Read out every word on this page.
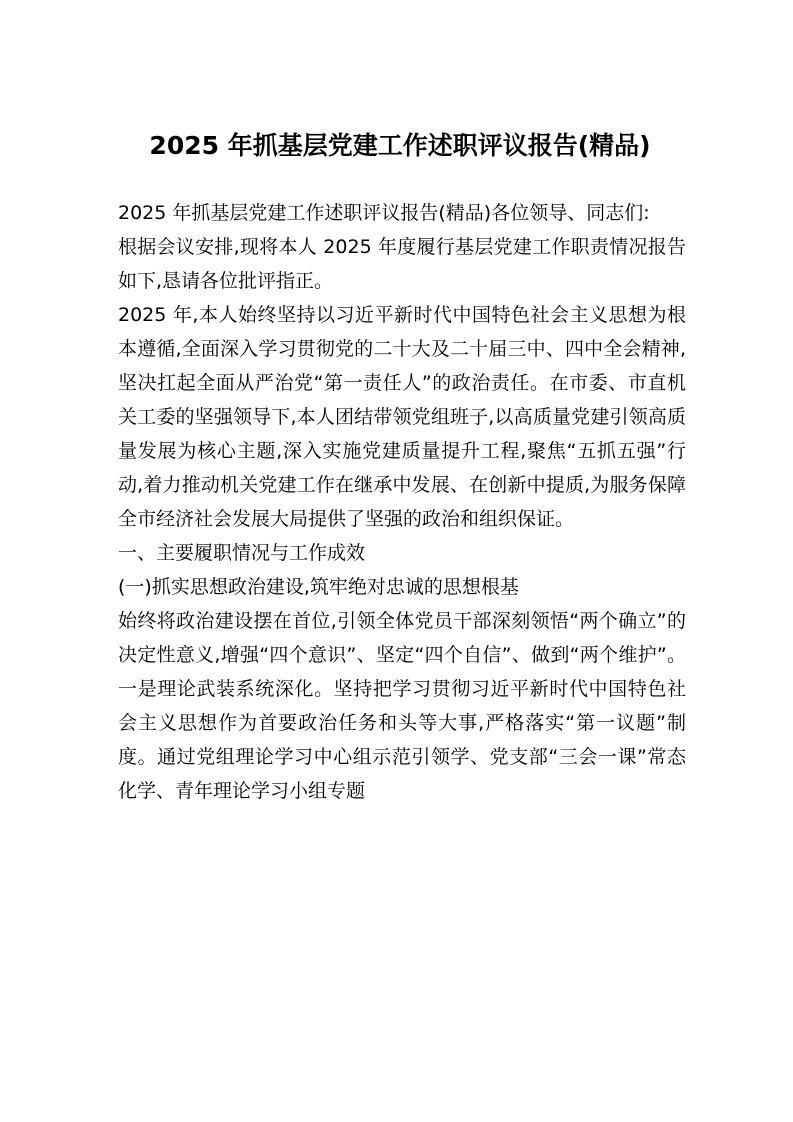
2025 年抓基层党建工作述职评议报告(精品)

2025 年抓基层党建工作述职评议报告(精品)各位领导、同志们:

根据会议安排,现将本人 2025 年度履行基层党建工作职责情况报告如下,恳请各位批评指正。

2025 年,本人始终坚持以习近平新时代中国特色社会主义思想为根本遵循,全面深入学习贯彻党的二十大及二十届三中、四中全会精神,坚决扛起全面从严治党“第一责任人”的政治责任。在市委、市直机关工委的坚强领导下,本人团结带领党组班子,以高质量党建引领高质量发展为核心主题,深入实施党建质量提升工程,聚焦“五抓五强”行动,着力推动机关党建工作在继承中发展、在创新中提质,为服务保障全市经济社会发展大局提供了坚强的政治和组织保证。

一、主要履职情况与工作成效

(一)抓实思想政治建设,筑牢绝对忠诚的思想根基

始终将政治建设摆在首位,引领全体党员干部深刻领悟“两个确立”的决定性意义,增强“四个意识”、坚定“四个自信”、做到“两个维护”。一是理论武装系统深化。坚持把学习贯彻习近平新时代中国特色社会主义思想作为首要政治任务和头等大事,严格落实“第一议题”制度。通过党组理论学习中心组示范引领学、党支部“三会一课”常态化学、青年理论学习小组专题
